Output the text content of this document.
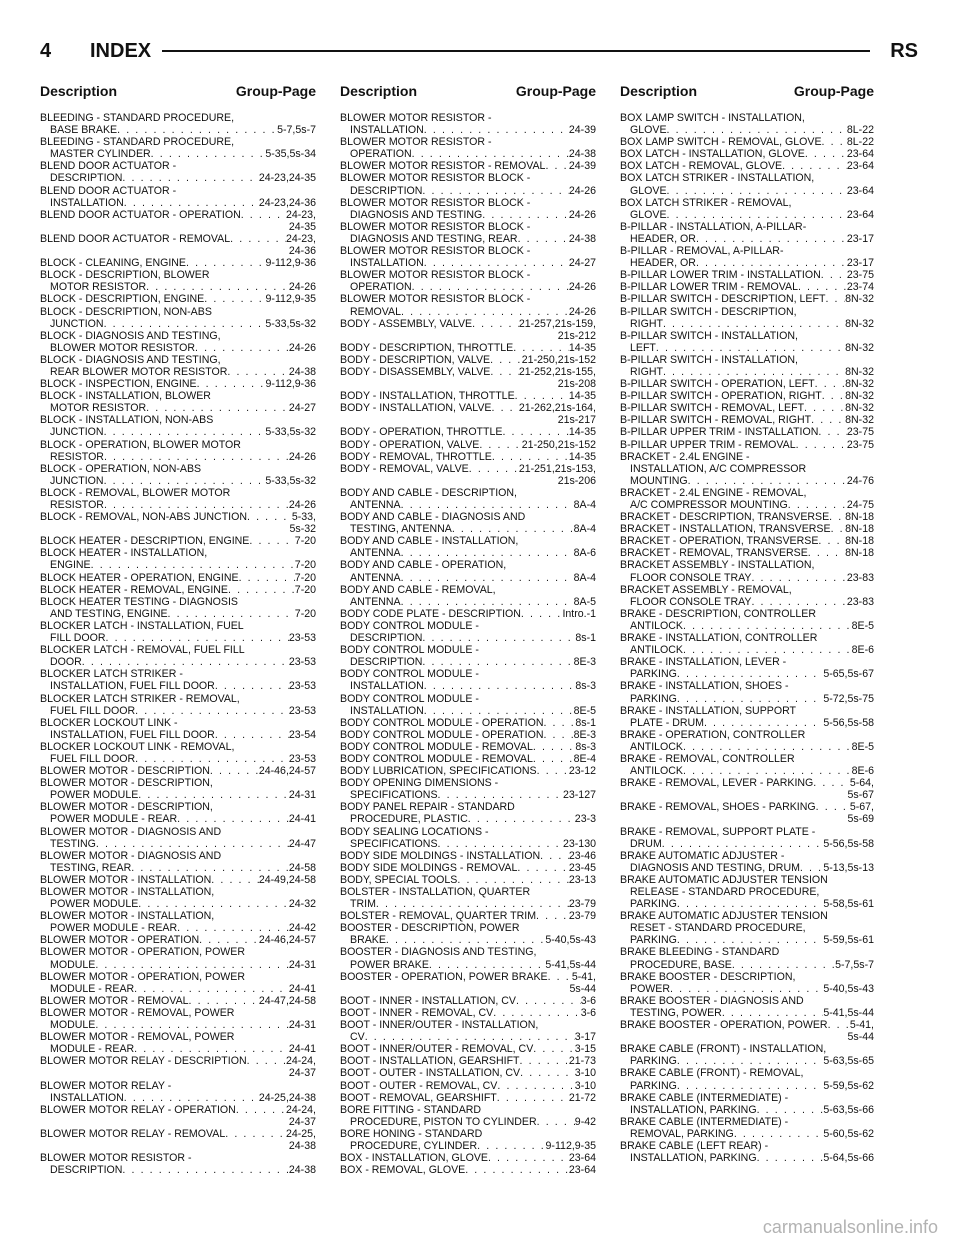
4 INDEX	RS
Description	Group-Page Description	Group-Page Description	Group-Page
BLEEDING - STANDARD PROCEDURE,
BASE BRAKE . . .	5-7,5s-7
BLEEDING - STANDARD PROCEDURE,
MASTER CYLINDER . . .	5-35,5s-34
BLEND DOOR ACTUATOR -
DESCRIPTION . . .	24-23,24-35
BLEND DOOR ACTUATOR -
INSTALLATION . . .	24-23,24-36
BLEND DOOR ACTUATOR - OPERATION . . .	24-23,
24-35
BLEND DOOR ACTUATOR - REMOVAL . . .	24-23,
24-36
BLOCK - CLEANING, ENGINE . . .	9-112,9-36
BLOCK - DESCRIPTION, BLOWER
MOTOR RESISTOR . . .	24-26
BLOCK - DESCRIPTION, ENGINE . . .	9-112,9-35
BLOCK - DESCRIPTION, NON-ABS
JUNCTION . . .	5-33,5s-32
BLOCK - DIAGNOSIS AND TESTING,
BLOWER MOTOR RESISTOR . . .	24-26
BLOCK - DIAGNOSIS AND TESTING,
REAR BLOWER MOTOR RESISTOR . . .	24-38
BLOCK - INSPECTION, ENGINE . . .	9-112,9-36
BLOCK - INSTALLATION, BLOWER
MOTOR RESISTOR . . .	24-27
BLOCK - INSTALLATION, NON-ABS
JUNCTION . . .	5-33,5s-32
BLOCK - OPERATION, BLOWER MOTOR
RESISTOR . . .	24-26
BLOCK - OPERATION, NON-ABS
JUNCTION . . .	5-33,5s-32
BLOCK - REMOVAL, BLOWER MOTOR
RESISTOR . . .	24-26
BLOCK - REMOVAL, NON-ABS JUNCTION . . .	5-33,
5s-32
BLOCK HEATER - DESCRIPTION, ENGINE . . .	7-20
BLOCK HEATER - INSTALLATION,
ENGINE . . .	7-20
BLOCK HEATER - OPERATION, ENGINE . . .	7-20
BLOCK HEATER - REMOVAL, ENGINE . . .	7-20
BLOCK HEATER TESTING - DIAGNOSIS
AND TESTING, ENGINE . . .	7-20
BLOCKER LATCH - INSTALLATION, FUEL
FILL DOOR . . .	23-53
BLOCKER LATCH - REMOVAL, FUEL FILL
DOOR . . .	23-53
BLOCKER LATCH STRIKER -
INSTALLATION, FUEL FILL DOOR . . .	23-53
BLOCKER LATCH STRIKER - REMOVAL,
FUEL FILL DOOR . . .	23-53
BLOCKER LOCKOUT LINK -
INSTALLATION, FUEL FILL DOOR . . .	23-54
BLOCKER LOCKOUT LINK - REMOVAL,
FUEL FILL DOOR . . .	23-53
BLOWER MOTOR - DESCRIPTION . . .	24-46,24-57
BLOWER MOTOR - DESCRIPTION,
POWER MODULE . . .	24-31
BLOWER MOTOR - DESCRIPTION,
POWER MODULE - REAR . . .	24-41
BLOWER MOTOR - DIAGNOSIS AND
TESTING . . .	24-47
BLOWER MOTOR - DIAGNOSIS AND
TESTING, REAR . . .	24-58
BLOWER MOTOR - INSTALLATION . . .	24-49,24-58
BLOWER MOTOR - INSTALLATION,
POWER MODULE . . .	24-32
BLOWER MOTOR - INSTALLATION,
POWER MODULE - REAR . . .	24-42
BLOWER MOTOR - OPERATION . . .	24-46,24-57
BLOWER MOTOR - OPERATION, POWER
MODULE . . .	24-31
BLOWER MOTOR - OPERATION, POWER
MODULE - REAR . . .	24-41
BLOWER MOTOR - REMOVAL . . .	24-47,24-58
BLOWER MOTOR - REMOVAL, POWER
MODULE . . .	24-31
BLOWER MOTOR - REMOVAL, POWER
MODULE - REAR . . .	24-41
BLOWER MOTOR RELAY - DESCRIPTION . . .	24-24,
24-37
BLOWER MOTOR RELAY -
INSTALLATION . . .	24-25,24-38
BLOWER MOTOR RELAY - OPERATION . . .	24-24,
24-37
BLOWER MOTOR RELAY - REMOVAL . . .	24-25,
24-38
BLOWER MOTOR RESISTOR -
DESCRIPTION . . .	24-38
BLOWER MOTOR RESISTOR -
INSTALLATION . . .	24-39
BLOWER MOTOR RESISTOR -
OPERATION . . .	24-38
BLOWER MOTOR RESISTOR - REMOVAL . . . 24-39
BLOWER MOTOR RESISTOR BLOCK -
DESCRIPTION . . .	24-26
BLOWER MOTOR RESISTOR BLOCK -
DIAGNOSIS AND TESTING . . .	24-26
BLOWER MOTOR RESISTOR BLOCK -
DIAGNOSIS AND TESTING, REAR . . .	24-38
BLOWER MOTOR RESISTOR BLOCK -
INSTALLATION . . .	24-27
BLOWER MOTOR RESISTOR BLOCK -
OPERATION . . .	24-26
BLOWER MOTOR RESISTOR BLOCK -
REMOVAL . . .	24-26
BODY - ASSEMBLY, VALVE . . .	21-257,21s-159,
21s-212
BODY - DESCRIPTION, THROTTLE . . .	14-35
BODY - DESCRIPTION, VALVE . . .	21-250,21s-152
BODY - DISASSEMBLY, VALVE . . .	21-252,21s-155,
21s-208
BODY - INSTALLATION, THROTTLE . . .	14-35
BODY - INSTALLATION, VALVE . . .	21-262,21s-164,
21s-217
BODY - OPERATION, THROTTLE . . .	14-35
BODY - OPERATION, VALVE . . .	21-250,21s-152
BODY - REMOVAL, THROTTLE . . .	14-35
BODY - REMOVAL, VALVE . . .	21-251,21s-153,
21s-206
BODY AND CABLE - DESCRIPTION,
ANTENNA . . .	8A-4
BODY AND CABLE - DIAGNOSIS AND
TESTING, ANTENNA . . .	8A-4
BODY AND CABLE - INSTALLATION,
ANTENNA . . .	8A-6
BODY AND CABLE - OPERATION,
ANTENNA . . .	8A-4
BODY AND CABLE - REMOVAL,
ANTENNA . . .	8A-5
BODY CODE PLATE - DESCRIPTION . . .	Intro.-1
BODY CONTROL MODULE -
DESCRIPTION . . .	8s-1
BODY CONTROL MODULE -
DESCRIPTION . . .	8E-3
BODY CONTROL MODULE -
INSTALLATION . . .	8s-3
BODY CONTROL MODULE -
INSTALLATION . . .	8E-5
BODY CONTROL MODULE - OPERATION . . .	8s-1
BODY CONTROL MODULE - OPERATION . . .	8E-3
BODY CONTROL MODULE - REMOVAL . . .	8s-3
BODY CONTROL MODULE - REMOVAL . . .	8E-4
BODY LUBRICATION, SPECIFICATIONS . . .	23-12
BODY OPENING DIMENSIONS -
SPECIFICATIONS . . .	23-127
BODY PANEL REPAIR - STANDARD
PROCEDURE, PLASTIC . . .	23-3
BODY SEALING LOCATIONS -
SPECIFICATIONS . . .	23-130
BODY SIDE MOLDINGS - INSTALLATION . . .	23-46
BODY SIDE MOLDINGS - REMOVAL . . .	23-45
BODY, SPECIAL TOOLS . . .	23-13
BOLSTER - INSTALLATION, QUARTER
TRIM . . .	23-79
BOLSTER - REMOVAL, QUARTER TRIM . . .	23-79
BOOSTER - DESCRIPTION, POWER
BRAKE . . .	5-40,5s-43
BOOSTER - DIAGNOSIS AND TESTING,
POWER BRAKE . . .	5-41,5s-44
BOOSTER - OPERATION, POWER BRAKE . . . 5-41,
5s-44
BOOT - INNER - INSTALLATION, CV . . .	3-6
BOOT - INNER - REMOVAL, CV . . .	3-6
BOOT - INNER/OUTER - INSTALLATION,
CV . . .	3-17
BOOT - INNER/OUTER - REMOVAL, CV . . .	3-15
BOOT - INSTALLATION, GEARSHIFT . . .	21-73
BOOT - OUTER - INSTALLATION, CV . . .	3-10
BOOT - OUTER - REMOVAL, CV . . .	3-10
BOOT - REMOVAL, GEARSHIFT . . .	21-72
BORE FITTING - STANDARD
PROCEDURE, PISTON TO CYLINDER . . .	9-42
BORE HONING - STANDARD
PROCEDURE, CYLINDER . . .	9-112,9-35
BOX - INSTALLATION, GLOVE . . .	23-64
BOX - REMOVAL, GLOVE . . .	23-64
BOX LAMP SWITCH - INSTALLATION,
GLOVE . . .	8L-22
BOX LAMP SWITCH - REMOVAL, GLOVE . . . 8L-22
BOX LATCH - INSTALLATION, GLOVE . . .	23-64
BOX LATCH - REMOVAL, GLOVE . . .	23-64
BOX LATCH STRIKER - INSTALLATION,
GLOVE . . .	23-64
BOX LATCH STRIKER - REMOVAL,
GLOVE . . .	23-64
B-PILLAR - INSTALLATION, A-PILLAR-
HEADER, OR . . .	23-17
B-PILLAR - REMOVAL, A-PILLAR-
HEADER, OR . . .	23-17
B-PILLAR LOWER TRIM - INSTALLATION . . . 23-75
B-PILLAR LOWER TRIM - REMOVAL . . .	23-74
B-PILLAR SWITCH - DESCRIPTION, LEFT . . . 8N-32
B-PILLAR SWITCH - DESCRIPTION,
RIGHT . . .	8N-32
B-PILLAR SWITCH - INSTALLATION,
LEFT . . .	8N-32
B-PILLAR SWITCH - INSTALLATION,
RIGHT . . .	8N-32
B-PILLAR SWITCH - OPERATION, LEFT . . .	8N-32
B-PILLAR SWITCH - OPERATION, RIGHT . . . 8N-32
B-PILLAR SWITCH - REMOVAL, LEFT . . .	8N-32
B-PILLAR SWITCH - REMOVAL, RIGHT . . .	8N-32
B-PILLAR UPPER TRIM - INSTALLATION . . .	23-75
B-PILLAR UPPER TRIM - REMOVAL . . .	23-75
BRACKET - 2.4L ENGINE -
INSTALLATION, A/C COMPRESSOR
MOUNTING . . .	24-76
BRACKET - 2.4L ENGINE - REMOVAL,
A/C COMPRESSOR MOUNTING . . .	24-75
BRACKET - DESCRIPTION, TRANSVERSE . . . 8N-18
BRACKET - INSTALLATION, TRANSVERSE . . . 8N-18
BRACKET - OPERATION, TRANSVERSE . . .	8N-18
BRACKET - REMOVAL, TRANSVERSE . . .	8N-18
BRACKET ASSEMBLY - INSTALLATION,
FLOOR CONSOLE TRAY . . .	23-83
BRACKET ASSEMBLY - REMOVAL,
FLOOR CONSOLE TRAY . . .	23-83
BRAKE - DESCRIPTION, CONTROLLER
ANTILOCK . . .	8E-5
BRAKE - INSTALLATION, CONTROLLER
ANTILOCK . . .	8E-6
BRAKE - INSTALLATION, LEVER -
PARKING . . .	5-65,5s-67
BRAKE - INSTALLATION, SHOES -
PARKING . . .	5-72,5s-75
BRAKE - INSTALLATION, SUPPORT
PLATE - DRUM . . .	5-56,5s-58
BRAKE - OPERATION, CONTROLLER
ANTILOCK . . .	8E-5
BRAKE - REMOVAL, CONTROLLER
ANTILOCK . . .	8E-6
BRAKE - REMOVAL, LEVER - PARKING . . .	5-64,
5s-67
BRAKE - REMOVAL, SHOES - PARKING . . .	5-67,
5s-69
BRAKE - REMOVAL, SUPPORT PLATE -
DRUM . . .	5-56,5s-58
BRAKE AUTOMATIC ADJUSTER -
DIAGNOSIS AND TESTING, DRUM . . . 5-13,5s-13
BRAKE AUTOMATIC ADJUSTER TENSION
RELEASE - STANDARD PROCEDURE,
PARKING . . .	5-58,5s-61
BRAKE AUTOMATIC ADJUSTER TENSION
RESET - STANDARD PROCEDURE,
PARKING . . .	5-59,5s-61
BRAKE BLEEDING - STANDARD
PROCEDURE, BASE . . .	5-7,5s-7
BRAKE BOOSTER - DESCRIPTION,
POWER . . .	5-40,5s-43
BRAKE BOOSTER - DIAGNOSIS AND
TESTING, POWER . . .	5-41,5s-44
BRAKE BOOSTER - OPERATION, POWER . . . 5-41,
5s-44
BRAKE CABLE (FRONT) - INSTALLATION,
PARKING . . .	5-63,5s-65
BRAKE CABLE (FRONT) - REMOVAL,
PARKING . . .	5-59,5s-62
BRAKE CABLE (INTERMEDIATE) -
INSTALLATION, PARKING . . .	5-63,5s-66
BRAKE CABLE (INTERMEDIATE) -
REMOVAL, PARKING . . .	5-60,5s-62
BRAKE CABLE (LEFT REAR) -
INSTALLATION, PARKING . . .	5-64,5s-66
carmanualsonline.info
